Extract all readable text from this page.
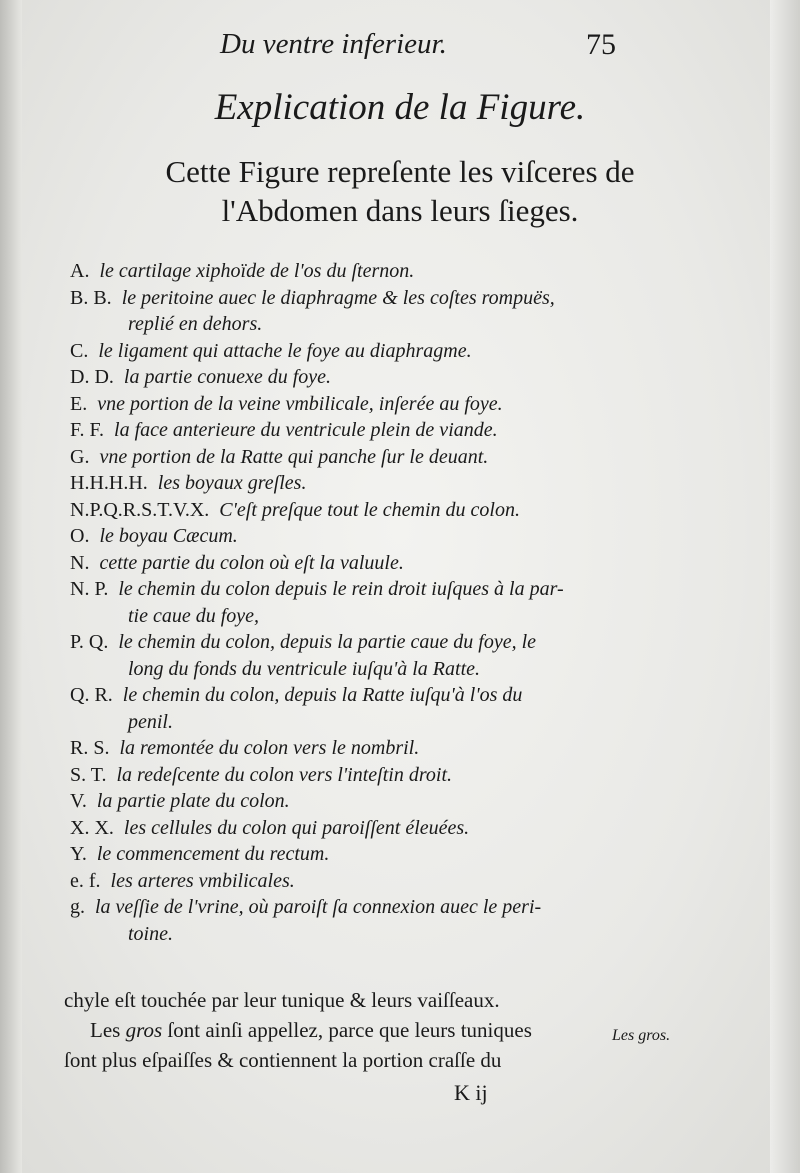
Du ventre inferieur.	75
Explication de la Figure.
Cette Figure repreſente les viſceres de
l'Abdomen dans leurs ſieges.
A. le cartilage xiphoïde de l'os du ſternon.
B. B. le peritoine auec le diaphragme & les coſtes rompuës,
replié en dehors.
C. le ligament qui attache le foye au diaphragme.
D. D. la partie conuexe du foye.
E. vne portion de la veine vmbilicale, inſerée au foye.
F. F. la face anterieure du ventricule plein de viande.
G. vne portion de la Ratte qui panche ſur le deuant.
H.H.H.H. les boyaux greſles.
N.P.Q.R.S.T.V.X. C'eſt preſque tout le chemin du colon.
O. le boyau Cæcum.
N. cette partie du colon où eſt la valuule.
N. P. le chemin du colon depuis le rein droit iuſques à la par-
tie caue du foye,
P. Q. le chemin du colon, depuis la partie caue du foye, le
long du fonds du ventricule iuſqu'à la Ratte.
Q. R. le chemin du colon, depuis la Ratte iuſqu'à l'os du
penil.
R. S. la remontée du colon vers le nombril.
S. T. la redeſcente du colon vers l'inteſtin droit.
V. la partie plate du colon.
X. X. les cellules du colon qui paroiſſent éleuées.
Y. le commencement du rectum.
e. f. les arteres vmbilicales.
g. la veſſie de l'vrine, où paroiſt ſa connexion auec le peri-
toine.

chyle eſt touchée par leur tunique & leurs vaiſſeaux.

Les gros ſont ainſi appellez, parce que leurs tuniques

ſont plus eſpaiſſes & contiennent la portion craſſe du

Les gros.
K ij
